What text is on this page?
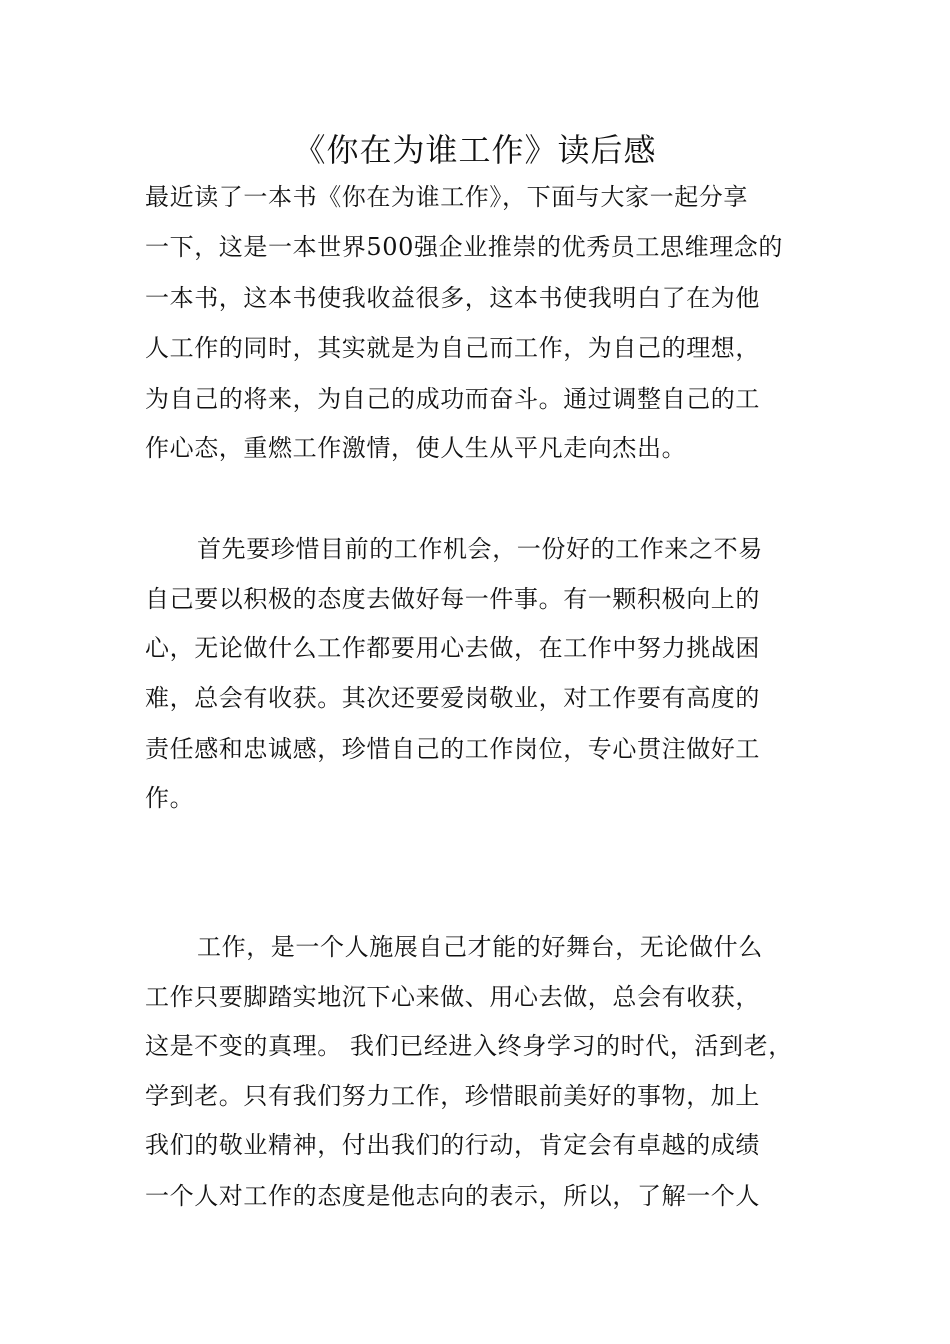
《你在为谁工作》读后感
最近读了一本书《你在为谁工作》，下面与大家一起分享
一下，这是一本世界500强企业推崇的优秀员工思维理念的
一本书，这本书使我收益很多，这本书使我明白了在为他
人工作的同时，其实就是为自己而工作，为自己的理想，
为自己的将来，为自己的成功而奋斗。通过调整自己的工
作心态，重燃工作激情，使人生从平凡走向杰出。
首先要珍惜目前的工作机会，一份好的工作来之不易
自己要以积极的态度去做好每一件事。有一颗积极向上的
心，无论做什么工作都要用心去做，在工作中努力挑战困
难，总会有收获。其次还要爱岗敬业，对工作要有高度的
责任感和忠诚感，珍惜自己的工作岗位，专心贯注做好工
作。
工作，是一个人施展自己才能的好舞台，无论做什么
工作只要脚踏实地沉下心来做、用心去做，总会有收获，
这是不变的真理。 我们已经进入终身学习的时代，活到老，
学到老。只有我们努力工作，珍惜眼前美好的事物，加上
我们的敬业精神，付出我们的行动，肯定会有卓越的成绩
一个人对工作的态度是他志向的表示，所以，了解一个人
